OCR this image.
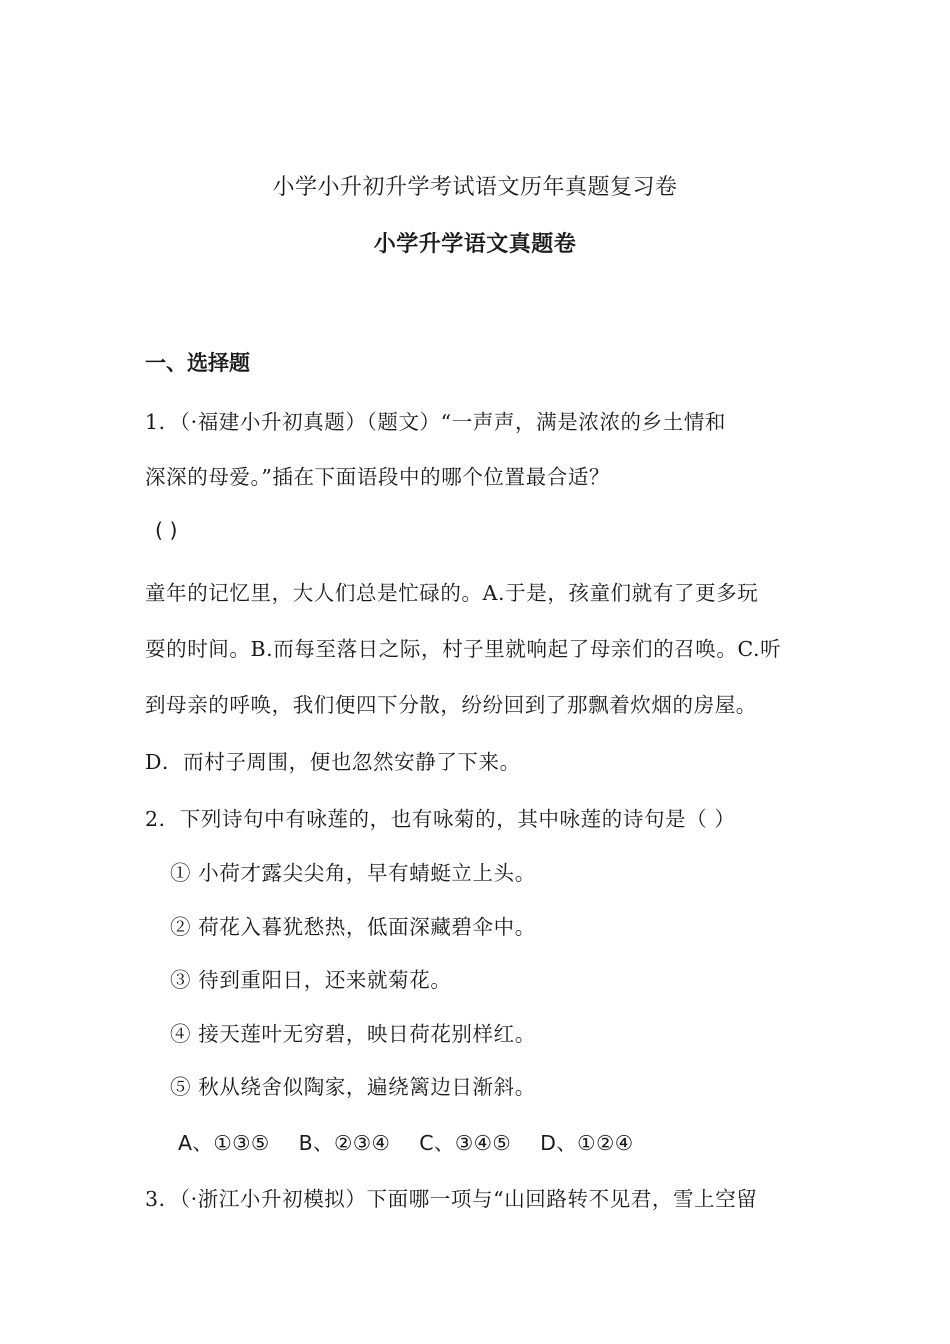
小学小升初升学考试语文历年真题复习卷
小学升学语文真题卷
一、选择题
1．（·福建小升初真题）（题文）“一声声，满是浓浓的乡土情和
深深的母爱。”插在下面语段中的哪个位置最合适？
( )
童年的记忆里，大人们总是忙碌的。A.于是，孩童们就有了更多玩
耍的时间。B.而每至落日之际，村子里就响起了母亲们的召唤。C.听
到母亲的呼唤，我们便四下分散，纷纷回到了那飘着炊烟的房屋。
D．而村子周围，便也忽然安静了下来。
2．下列诗句中有咏莲的，也有咏菊的，其中咏莲的诗句是（ ）
① 小荷才露尖尖角，早有蜻蜓立上头。
② 荷花入暮犹愁热，低面深藏碧伞中。
③ 待到重阳日，还来就菊花。
④ 接天莲叶无穷碧，映日荷花别样红。
⑤ 秋从绕舍似陶家，遍绕篱边日渐斜。
A、①③⑤ B、②③④ C、③④⑤ D、①②④
3．（·浙江小升初模拟）下面哪一项与“山回路转不见君，雪上空留
